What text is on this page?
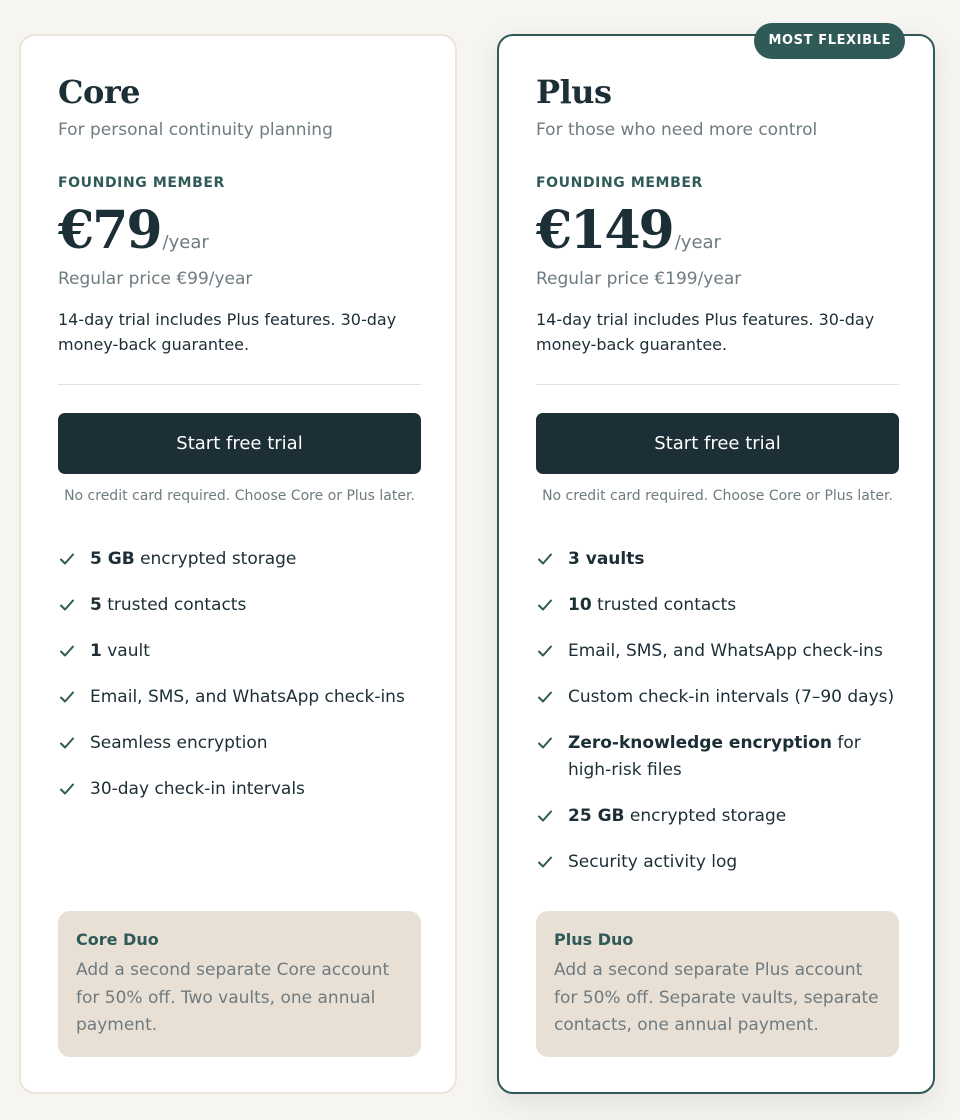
Core
For personal continuity planning
FOUNDING MEMBER
€79 /year
Regular price €99/year
14-day trial includes Plus features. 30-day money-back guarantee.
Start free trial
No credit card required. Choose Core or Plus later.
5 GB encrypted storage
5 trusted contacts
1 vault
Email, SMS, and WhatsApp check-ins
Seamless encryption
30-day check-in intervals
Core Duo
Add a second separate Core account for 50% off. Two vaults, one annual payment.
MOST FLEXIBLE
Plus
For those who need more control
FOUNDING MEMBER
€149 /year
Regular price €199/year
14-day trial includes Plus features. 30-day money-back guarantee.
Start free trial
No credit card required. Choose Core or Plus later.
3 vaults
10 trusted contacts
Email, SMS, and WhatsApp check-ins
Custom check-in intervals (7–90 days)
Zero-knowledge encryption for high-risk files
25 GB encrypted storage
Security activity log
Plus Duo
Add a second separate Plus account for 50% off. Separate vaults, separate contacts, one annual payment.
